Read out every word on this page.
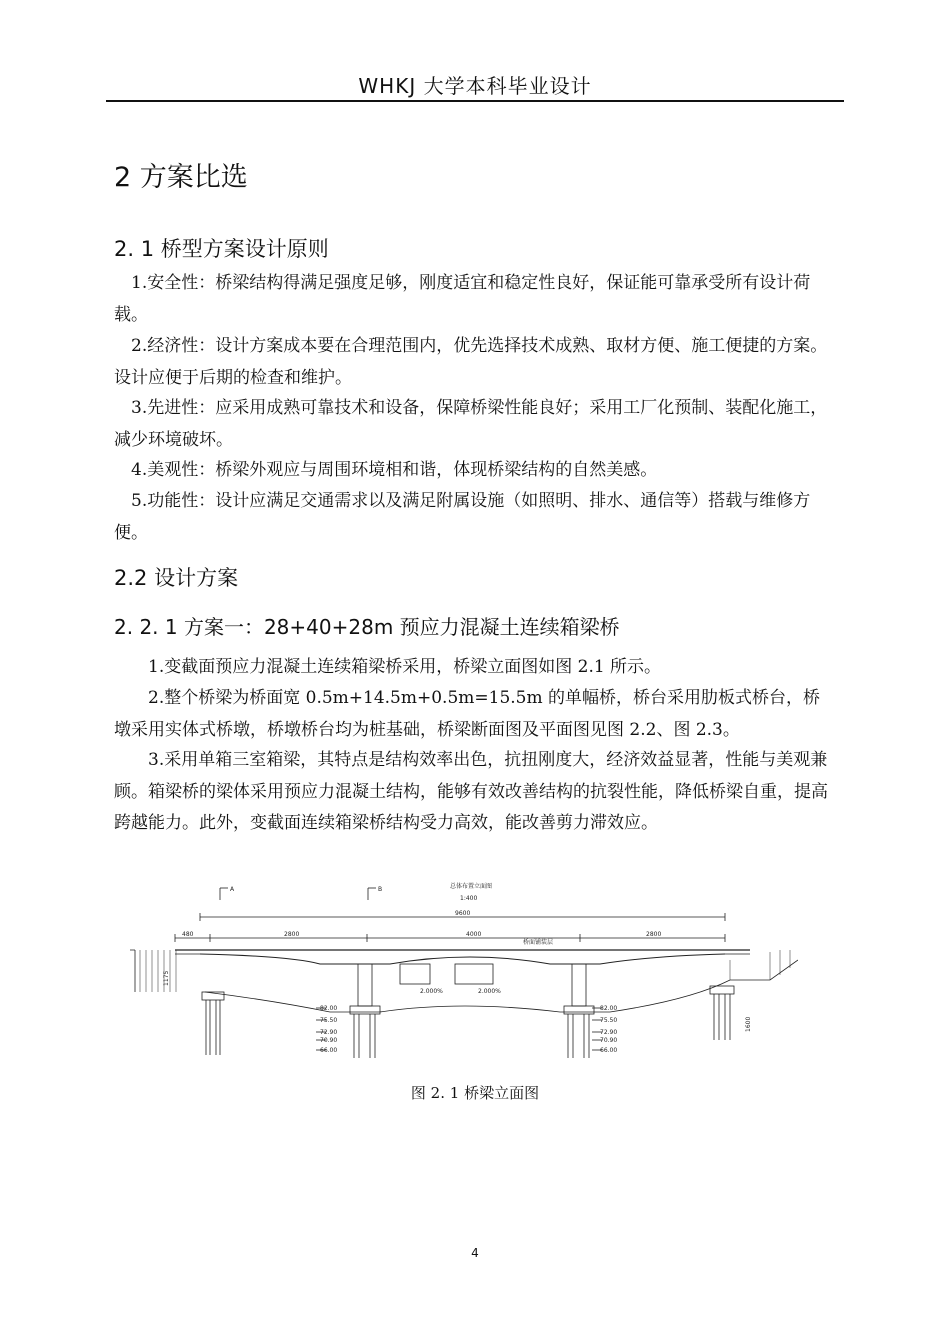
WHKJ 大学本科毕业设计
2 方案比选
2. 1 桥型方案设计原则
1.安全性：桥梁结构得满足强度足够，刚度适宜和稳定性良好，保证能可靠承受所有设计荷载。
2.经济性：设计方案成本要在合理范围内，优先选择技术成熟、取材方便、施工便捷的方案。设计应便于后期的检查和维护。
3.先进性：应采用成熟可靠技术和设备，保障桥梁性能良好；采用工厂化预制、装配化施工，减少环境破坏。
4.美观性：桥梁外观应与周围环境相和谐，体现桥梁结构的自然美感。
5.功能性：设计应满足交通需求以及满足附属设施（如照明、排水、通信等）搭载与维修方便。
2.2 设计方案
2. 2. 1 方案一：28+40+28m 预应力混凝土连续箱梁桥
1.变截面预应力混凝土连续箱梁桥采用，桥梁立面图如图 2.1 所示。
2.整个桥梁为桥面宽 0.5m+14.5m+0.5m=15.5m 的单幅桥，桥台采用肋板式桥台，桥墩采用实体式桥墩，桥墩桥台均为桩基础，桥梁断面图及平面图见图 2.2、图 2.3。
3.采用单箱三室箱梁，其特点是结构效率出色，抗扭刚度大，经济效益显著，性能与美观兼顾。箱梁桥的梁体采用预应力混凝土结构，能够有效改善结构的抗裂性能，降低桥梁自重，提高跨越能力。此外，变截面连续箱梁桥结构受力高效，能改善剪力滞效应。
A	B	总体布置立面图
1:400
9600
480	2800	4000	2800
桥面铺装层
2.000%	2.000%
1175
82.00
75.50
72.90
70.90
66.00
82.00
75.50
72.90
70.90
66.00
1600
图 2. 1 桥梁立面图
4
